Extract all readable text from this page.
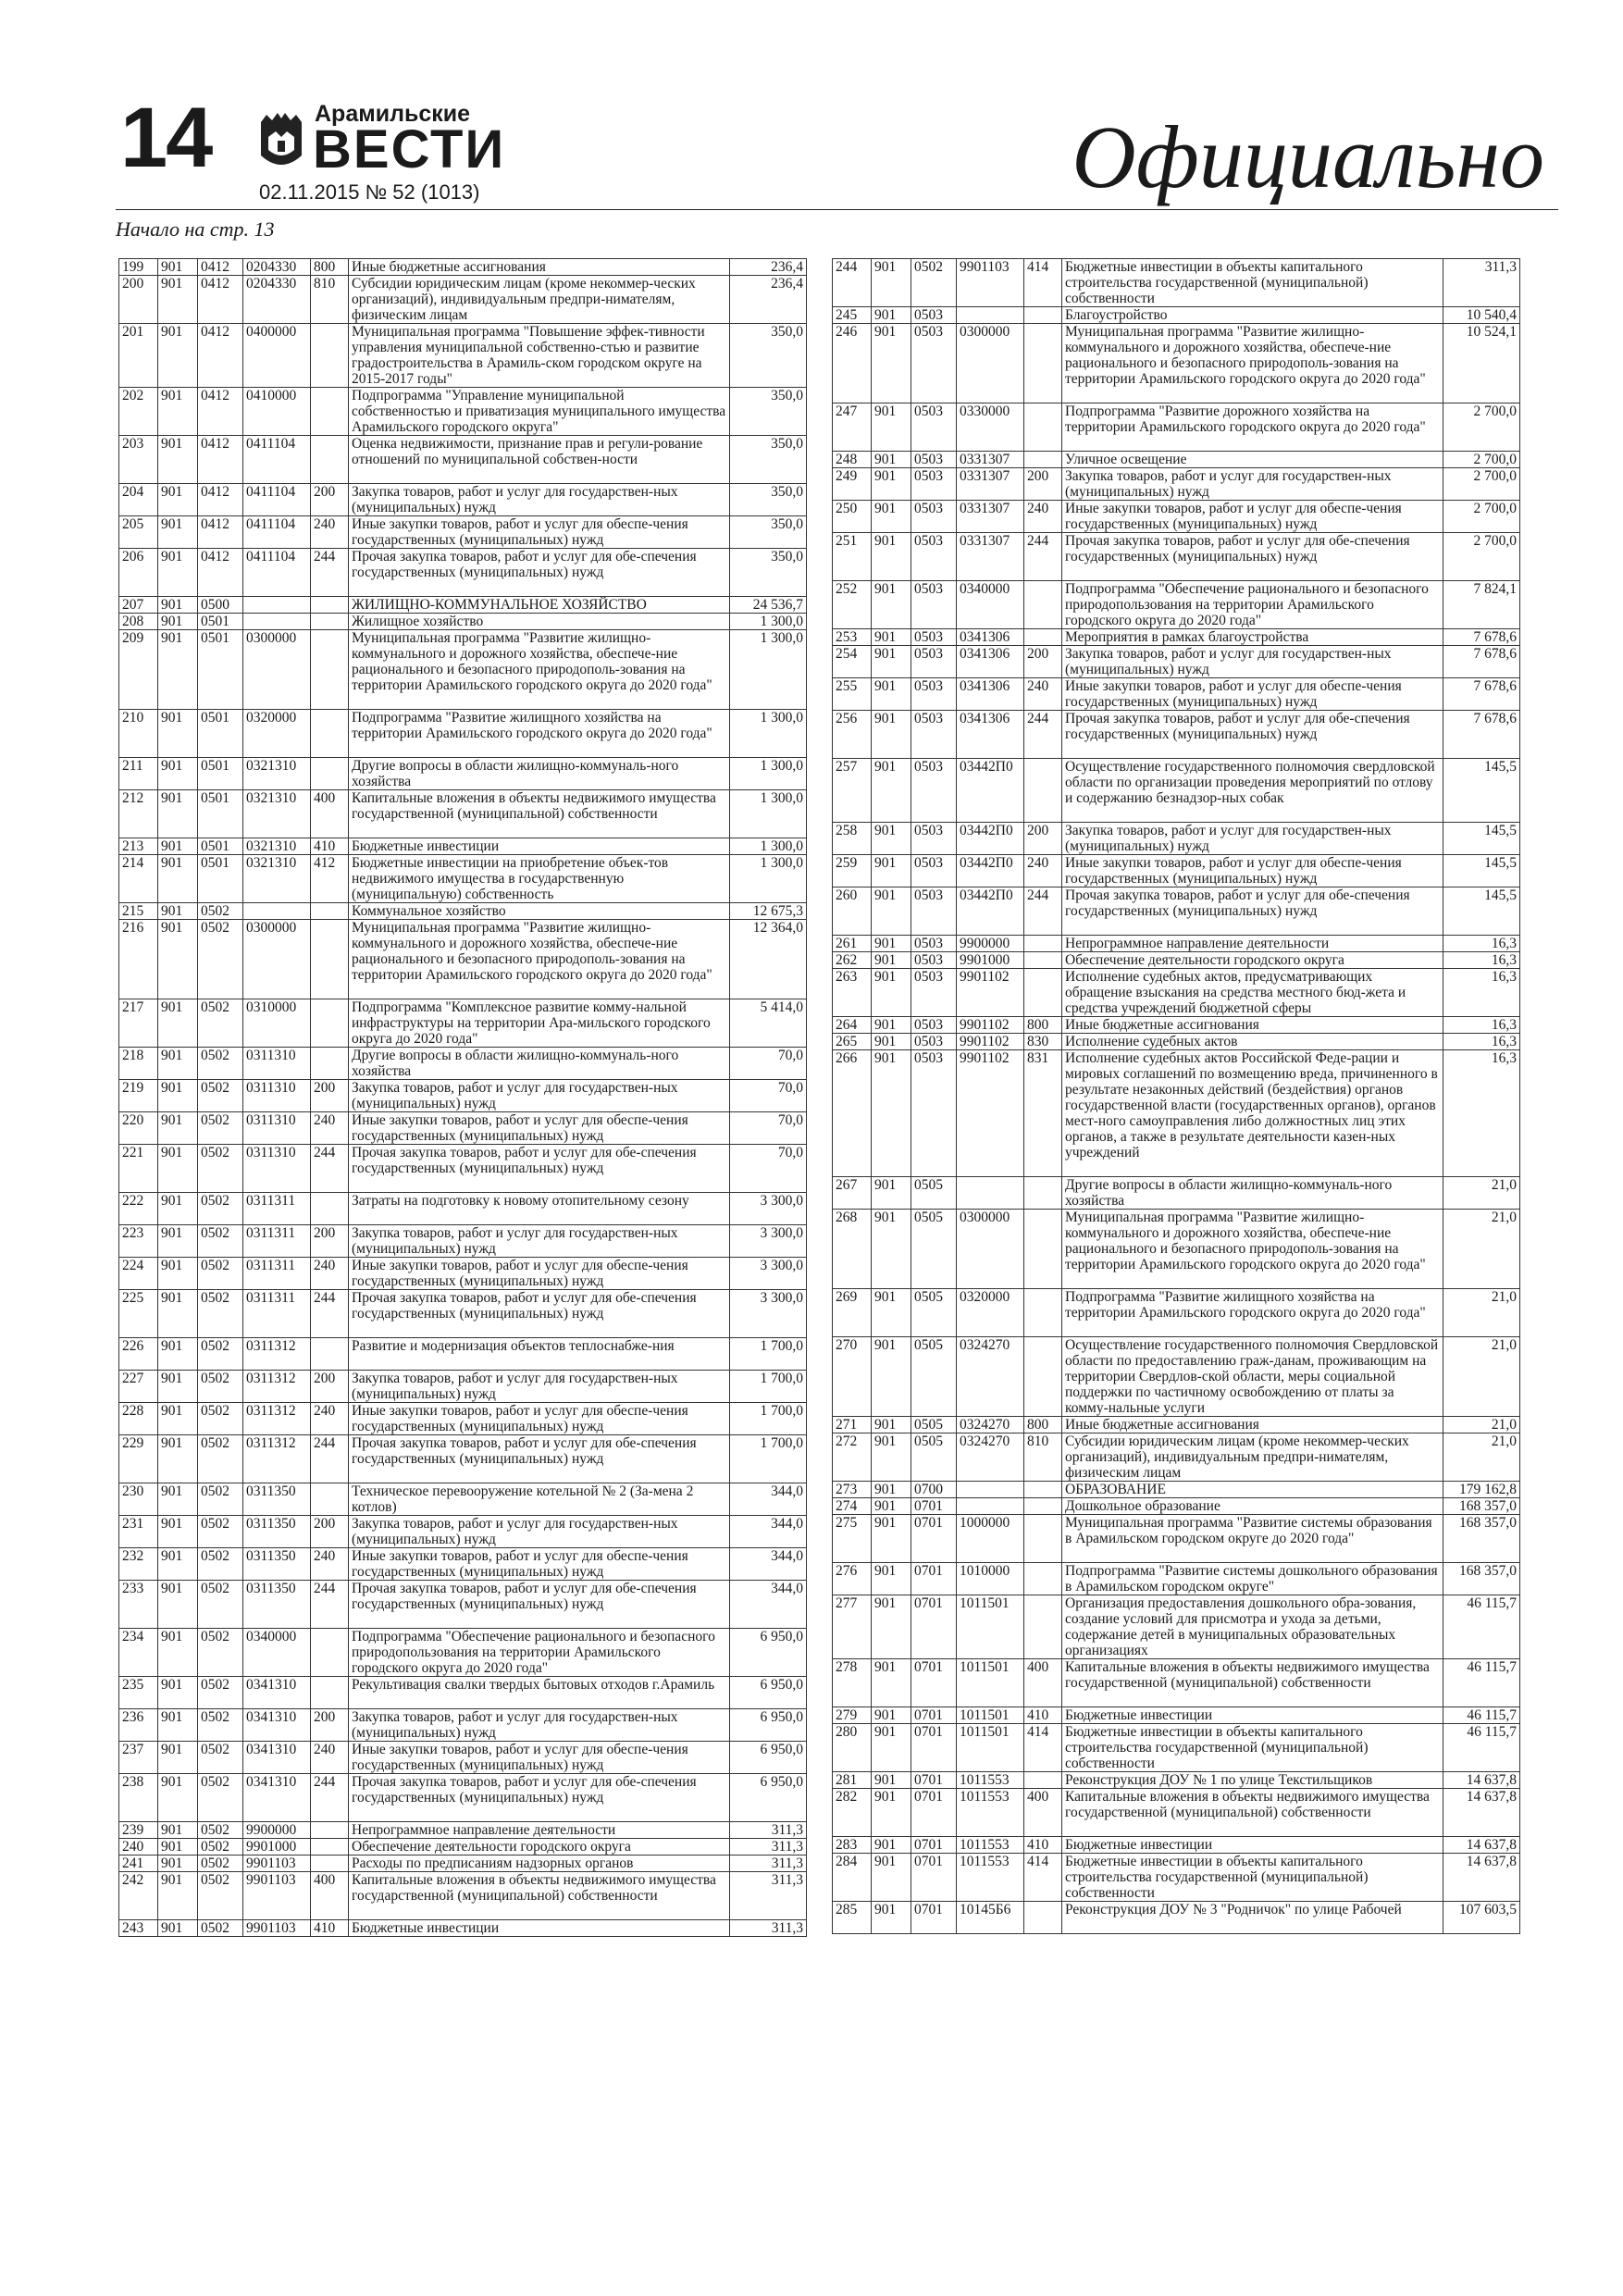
14	Арамильские
ВЕСТИ
02.11.2015 № 52 (1013)	Официально
Начало на стр. 13
199	901	0412	0204330	800	Иные бюджетные ассигнования	236,4
200	901	0412	0204330	810	Субсидии юридическим лицам (кроме некоммер-ческих организаций), индивидуальным предпри-нимателям, физическим лицам	236,4
201	901	0412	0400000		Муниципальная программа "Повышение эффек-тивности управления муниципальной собственно-стью и развитие градостроительства в Арамиль-ском городском округе на 2015-2017 годы"	350,0
202	901	0412	0410000		Подпрограмма "Управление муниципальной собственностью и приватизация муниципального имущества Арамильского городского округа"	350,0
203	901	0412	0411104		Оценка недвижимости, признание прав и регули-рование отношений по муниципальной собствен-ности	350,0
204	901	0412	0411104	200	Закупка товаров, работ и услуг для государствен-ных (муниципальных) нужд	350,0
205	901	0412	0411104	240	Иные закупки товаров, работ и услуг для обеспе-чения государственных (муниципальных) нужд	350,0
206	901	0412	0411104	244	Прочая закупка товаров, работ и услуг для обе-спечения государственных (муниципальных) нужд	350,0
207	901	0500			ЖИЛИЩНО-КОММУНАЛЬНОЕ ХОЗЯЙСТВО	24 536,7
208	901	0501			Жилищное хозяйство	1 300,0
209	901	0501	0300000		Муниципальная программа "Развитие жилищно-коммунального и дорожного хозяйства, обеспече-ние рационального и безопасного природополь-зования на территории Арамильского городского округа до 2020 года"	1 300,0
210	901	0501	0320000		Подпрограмма "Развитие жилищного хозяйства на территории Арамильского городского округа до 2020 года"	1 300,0
211	901	0501	0321310		Другие вопросы в области жилищно-коммуналь-ного хозяйства	1 300,0
212	901	0501	0321310	400	Капитальные вложения в объекты недвижимого имущества государственной (муниципальной) собственности	1 300,0
213	901	0501	0321310	410	Бюджетные инвестиции	1 300,0
214	901	0501	0321310	412	Бюджетные инвестиции на приобретение объек-тов недвижимого имущества в государственную (муниципальную) собственность	1 300,0
215	901	0502			Коммунальное хозяйство	12 675,3
216	901	0502	0300000		Муниципальная программа "Развитие жилищно-коммунального и дорожного хозяйства, обеспече-ние рационального и безопасного природополь-зования на территории Арамильского городского округа до 2020 года"	12 364,0
217	901	0502	0310000		Подпрограмма "Комплексное развитие комму-нальной инфраструктуры на территории Ара-мильского городского округа до 2020 года"	5 414,0
218	901	0502	0311310		Другие вопросы в области жилищно-коммуналь-ного хозяйства	70,0
219	901	0502	0311310	200	Закупка товаров, работ и услуг для государствен-ных (муниципальных) нужд	70,0
220	901	0502	0311310	240	Иные закупки товаров, работ и услуг для обеспе-чения государственных (муниципальных) нужд	70,0
221	901	0502	0311310	244	Прочая закупка товаров, работ и услуг для обе-спечения государственных (муниципальных) нужд	70,0
222	901	0502	0311311		Затраты на подготовку к новому отопительному сезону	3 300,0
223	901	0502	0311311	200	Закупка товаров, работ и услуг для государствен-ных (муниципальных) нужд	3 300,0
224	901	0502	0311311	240	Иные закупки товаров, работ и услуг для обеспе-чения государственных (муниципальных) нужд	3 300,0
225	901	0502	0311311	244	Прочая закупка товаров, работ и услуг для обе-спечения государственных (муниципальных) нужд	3 300,0
226	901	0502	0311312		Развитие и модернизация объектов теплоснабже-ния	1 700,0
227	901	0502	0311312	200	Закупка товаров, работ и услуг для государствен-ных (муниципальных) нужд	1 700,0
228	901	0502	0311312	240	Иные закупки товаров, работ и услуг для обеспе-чения государственных (муниципальных) нужд	1 700,0
229	901	0502	0311312	244	Прочая закупка товаров, работ и услуг для обе-спечения государственных (муниципальных) нужд	1 700,0
230	901	0502	0311350		Техническое перевооружение котельной № 2 (За-мена 2 котлов)	344,0
231	901	0502	0311350	200	Закупка товаров, работ и услуг для государствен-ных (муниципальных) нужд	344,0
232	901	0502	0311350	240	Иные закупки товаров, работ и услуг для обеспе-чения государственных (муниципальных) нужд	344,0
233	901	0502	0311350	244	Прочая закупка товаров, работ и услуг для обе-спечения государственных (муниципальных) нужд	344,0
234	901	0502	0340000		Подпрограмма "Обеспечение рационального и безопасного природопользования на территории Арамильского городского округа до 2020 года"	6 950,0
235	901	0502	0341310		Рекультивация свалки твердых бытовых отходов г.Арамиль	6 950,0
236	901	0502	0341310	200	Закупка товаров, работ и услуг для государствен-ных (муниципальных) нужд	6 950,0
237	901	0502	0341310	240	Иные закупки товаров, работ и услуг для обеспе-чения государственных (муниципальных) нужд	6 950,0
238	901	0502	0341310	244	Прочая закупка товаров, работ и услуг для обе-спечения государственных (муниципальных) нужд	6 950,0
239	901	0502	9900000		Непрограммное направление деятельности	311,3
240	901	0502	9901000		Обеспечение деятельности городского округа	311,3
241	901	0502	9901103		Расходы по предписаниям надзорных органов	311,3
242	901	0502	9901103	400	Капитальные вложения в объекты недвижимого имущества государственной (муниципальной) собственности	311,3
243	901	0502	9901103	410	Бюджетные инвестиции	311,3
244	901	0502	9901103	414	Бюджетные инвестиции в объекты капитального строительства государственной (муниципальной) собственности	311,3
245	901	0503			Благоустройство	10 540,4
246	901	0503	0300000		Муниципальная программа "Развитие жилищно-коммунального и дорожного хозяйства, обеспече-ние рационального и безопасного природополь-зования на территории Арамильского городского округа до 2020 года"	10 524,1
247	901	0503	0330000		Подпрограмма "Развитие дорожного хозяйства на территории Арамильского городского округа до 2020 года"	2 700,0
248	901	0503	0331307		Уличное освещение	2 700,0
249	901	0503	0331307	200	Закупка товаров, работ и услуг для государствен-ных (муниципальных) нужд	2 700,0
250	901	0503	0331307	240	Иные закупки товаров, работ и услуг для обеспе-чения государственных (муниципальных) нужд	2 700,0
251	901	0503	0331307	244	Прочая закупка товаров, работ и услуг для обе-спечения государственных (муниципальных) нужд	2 700,0
252	901	0503	0340000		Подпрограмма "Обеспечение рационального и безопасного природопользования на территории Арамильского городского округа до 2020 года"	7 824,1
253	901	0503	0341306		Мероприятия в рамках благоустройства	7 678,6
254	901	0503	0341306	200	Закупка товаров, работ и услуг для государствен-ных (муниципальных) нужд	7 678,6
255	901	0503	0341306	240	Иные закупки товаров, работ и услуг для обеспе-чения государственных (муниципальных) нужд	7 678,6
256	901	0503	0341306	244	Прочая закупка товаров, работ и услуг для обе-спечения государственных (муниципальных) нужд	7 678,6
257	901	0503	03442П0		Осуществление государственного полномочия свердловской области по организации проведения мероприятий по отлову и содержанию безнадзор-ных собак	145,5
258	901	0503	03442П0	200	Закупка товаров, работ и услуг для государствен-ных (муниципальных) нужд	145,5
259	901	0503	03442П0	240	Иные закупки товаров, работ и услуг для обеспе-чения государственных (муниципальных) нужд	145,5
260	901	0503	03442П0	244	Прочая закупка товаров, работ и услуг для обе-спечения государственных (муниципальных) нужд	145,5
261	901	0503	9900000		Непрограммное направление деятельности	16,3
262	901	0503	9901000		Обеспечение деятельности городского округа	16,3
263	901	0503	9901102		Исполнение судебных актов, предусматривающих обращение взыскания на средства местного бюд-жета и средства учреждений бюджетной сферы	16,3
264	901	0503	9901102	800	Иные бюджетные ассигнования	16,3
265	901	0503	9901102	830	Исполнение судебных актов	16,3
266	901	0503	9901102	831	Исполнение судебных актов Российской Феде-рации и мировых соглашений по возмещению вреда, причиненного в результате незаконных действий (бездействия) органов государственной власти (государственных органов), органов мест-ного самоуправления либо должностных лиц этих органов, а также в результате деятельности казен-ных учреждений	16,3
267	901	0505			Другие вопросы в области жилищно-коммуналь-ного хозяйства	21,0
268	901	0505	0300000		Муниципальная программа "Развитие жилищно-коммунального и дорожного хозяйства, обеспече-ние рационального и безопасного природополь-зования на территории Арамильского городского округа до 2020 года"	21,0
269	901	0505	0320000		Подпрограмма "Развитие жилищного хозяйства на территории Арамильского городского округа до 2020 года"	21,0
270	901	0505	0324270		Осуществление государственного полномочия Свердловской области по предоставлению граж-данам, проживающим на территории Свердлов-ской области, меры социальной поддержки по частичному освобождению от платы за комму-нальные услуги	21,0
271	901	0505	0324270	800	Иные бюджетные ассигнования	21,0
272	901	0505	0324270	810	Субсидии юридическим лицам (кроме некоммер-ческих организаций), индивидуальным предпри-нимателям, физическим лицам	21,0
273	901	0700			ОБРАЗОВАНИЕ	179 162,8
274	901	0701			Дошкольное образование	168 357,0
275	901	0701	1000000		Муниципальная программа "Развитие системы образования в Арамильском городском округе до 2020 года"	168 357,0
276	901	0701	1010000		Подпрограмма "Развитие системы дошкольного образования в Арамильском городском округе"	168 357,0
277	901	0701	1011501		Организация предоставления дошкольного обра-зования, создание условий для присмотра и ухода за детьми, содержание детей в муниципальных образовательных организациях	46 115,7
278	901	0701	1011501	400	Капитальные вложения в объекты недвижимого имущества государственной (муниципальной) собственности	46 115,7
279	901	0701	1011501	410	Бюджетные инвестиции	46 115,7
280	901	0701	1011501	414	Бюджетные инвестиции в объекты капитального строительства государственной (муниципальной) собственности	46 115,7
281	901	0701	1011553		Реконструкция ДОУ № 1 по улице Текстильщиков	14 637,8
282	901	0701	1011553	400	Капитальные вложения в объекты недвижимого имущества государственной (муниципальной) собственности	14 637,8
283	901	0701	1011553	410	Бюджетные инвестиции	14 637,8
284	901	0701	1011553	414	Бюджетные инвестиции в объекты капитального строительства государственной (муниципальной) собственности	14 637,8
285	901	0701	10145Б6		Реконструкция ДОУ № 3 "Родничок" по улице Рабочей	107 603,5
